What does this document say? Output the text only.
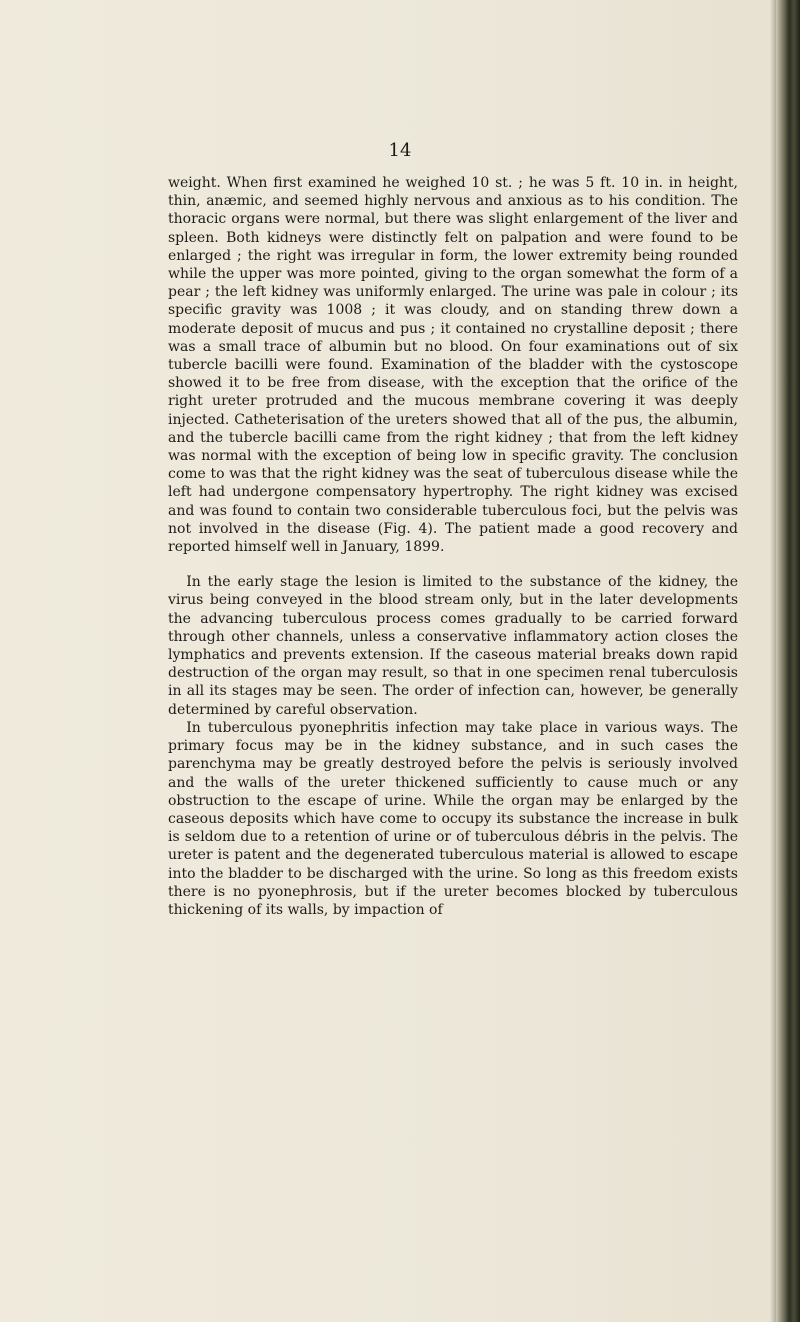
14

weight. When first examined he weighed 10 st. ; he was 5 ft. 10 in. in height, thin, anæmic, and seemed highly nervous and anxious as to his condition. The thoracic organs were normal, but there was slight enlargement of the liver and spleen. Both kidneys were distinctly felt on palpation and were found to be enlarged ; the right was irregular in form, the lower extremity being rounded while the upper was more pointed, giving to the organ somewhat the form of a pear ; the left kidney was uniformly enlarged. The urine was pale in colour ; its specific gravity was 1008 ; it was cloudy, and on standing threw down a moderate deposit of mucus and pus ; it contained no crystalline deposit ; there was a small trace of albumin but no blood. On four examinations out of six tubercle bacilli were found. Examination of the bladder with the cystoscope showed it to be free from disease, with the exception that the orifice of the right ureter protruded and the mucous membrane covering it was deeply injected. Catheterisation of the ureters showed that all of the pus, the albumin, and the tubercle bacilli came from the right kidney ; that from the left kidney was normal with the exception of being low in specific gravity. The conclusion come to was that the right kidney was the seat of tuberculous disease while the left had undergone compensatory hypertrophy. The right kidney was excised and was found to contain two considerable tuberculous foci, but the pelvis was not involved in the disease (Fig. 4). The patient made a good recovery and reported himself well in January, 1899.

In the early stage the lesion is limited to the substance of the kidney, the virus being conveyed in the blood stream only, but in the later developments the advancing tuberculous process comes gradually to be carried forward through other channels, unless a conservative inflammatory action closes the lymphatics and prevents extension. If the caseous material breaks down rapid destruction of the organ may result, so that in one specimen renal tuberculosis in all its stages may be seen. The order of infection can, however, be generally determined by careful observation.

In tuberculous pyonephritis infection may take place in various ways. The primary focus may be in the kidney substance, and in such cases the parenchyma may be greatly destroyed before the pelvis is seriously involved and the walls of the ureter thickened sufficiently to cause much or any obstruction to the escape of urine. While the organ may be enlarged by the caseous deposits which have come to occupy its substance the increase in bulk is seldom due to a retention of urine or of tuberculous débris in the pelvis. The ureter is patent and the degenerated tuberculous material is allowed to escape into the bladder to be discharged with the urine. So long as this freedom exists there is no pyonephrosis, but if the ureter becomes blocked by tuberculous thickening of its walls, by impaction of
